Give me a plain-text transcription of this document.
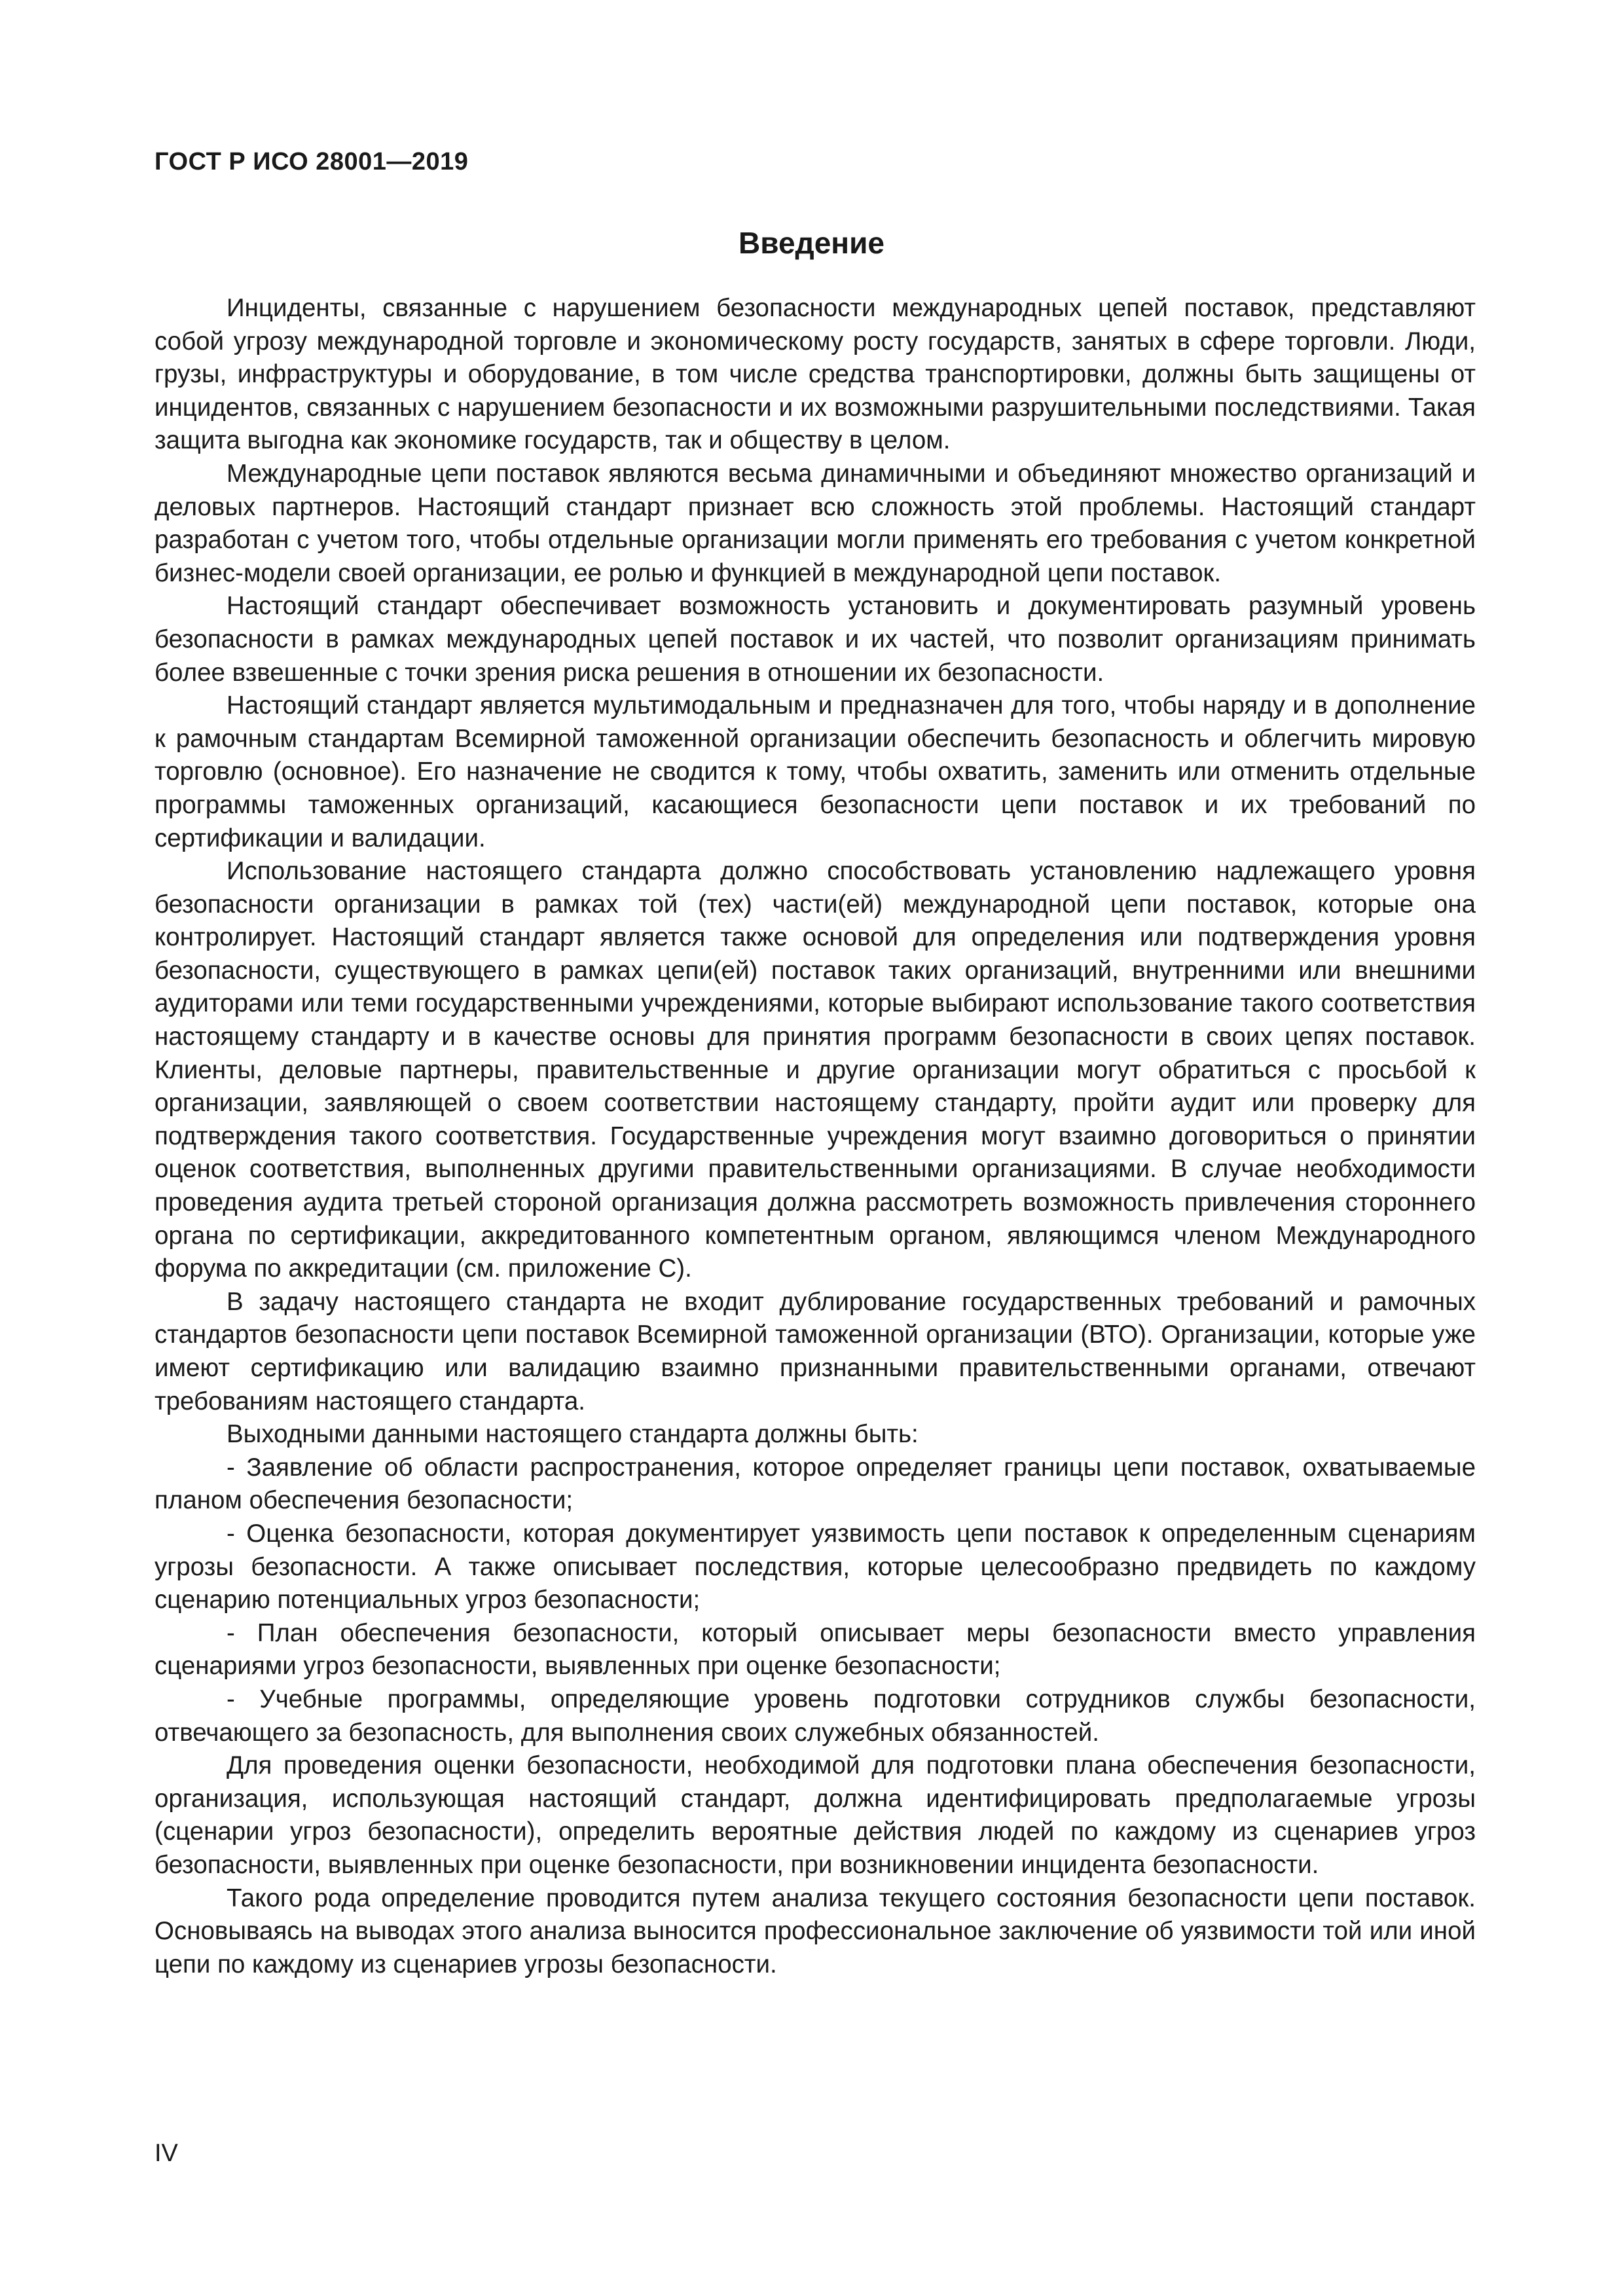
ГОСТ Р ИСО 28001—2019
Введение

Инциденты, связанные с нарушением безопасности международных цепей поставок, представляют собой угрозу международной торговле и экономическому росту государств, занятых в сфере торговли. Люди, грузы, инфраструктуры и оборудование, в том числе средства транспортировки, должны быть защищены от инцидентов, связанных с нарушением безопасности и их возможными разрушительными последствиями. Такая защита выгодна как экономике государств, так и обществу в целом.

Международные цепи поставок являются весьма динамичными и объединяют множество организаций и деловых партнеров. Настоящий стандарт признает всю сложность этой проблемы. Настоящий стандарт разработан с учетом того, чтобы отдельные организации могли применять его требования с учетом конкретной бизнес-модели своей организации, ее ролью и функцией в международной цепи поставок.

Настоящий стандарт обеспечивает возможность установить и документировать разумный уровень безопасности в рамках международных цепей поставок и их частей, что позволит организациям принимать более взвешенные с точки зрения риска решения в отношении их безопасности.

Настоящий стандарт является мультимодальным и предназначен для того, чтобы наряду и в дополнение к рамочным стандартам Всемирной таможенной организации обеспечить безопасность и облегчить мировую торговлю (основное). Его назначение не сводится к тому, чтобы охватить, заменить или отменить отдельные программы таможенных организаций, касающиеся безопасности цепи поставок и их требований по сертификации и валидации.

Использование настоящего стандарта должно способствовать установлению надлежащего уровня безопасности организации в рамках той (тех) части(ей) международной цепи поставок, которые она контролирует. Настоящий стандарт является также основой для определения или подтверждения уровня безопасности, существующего в рамках цепи(ей) поставок таких организаций, внутренними или внешними аудиторами или теми государственными учреждениями, которые выбирают использование такого соответствия настоящему стандарту и в качестве основы для принятия программ безопасности в своих цепях поставок. Клиенты, деловые партнеры, правительственные и другие организации могут обратиться с просьбой к организации, заявляющей о своем соответствии настоящему стандарту, пройти аудит или проверку для подтверждения такого соответствия. Государственные учреждения могут взаимно договориться о принятии оценок соответствия, выполненных другими правительственными организациями. В случае необходимости проведения аудита третьей стороной организация должна рассмотреть возможность привлечения стороннего органа по сертификации, аккредитованного компетентным органом, являющимся членом Международного форума по аккредитации (см. приложение С).

В задачу настоящего стандарта не входит дублирование государственных требований и рамочных стандартов безопасности цепи поставок Всемирной таможенной организации (ВТО). Организации, которые уже имеют сертификацию или валидацию взаимно признанными правительственными органами, отвечают требованиям настоящего стандарта.

Выходными данными настоящего стандарта должны быть:

- Заявление об области распространения, которое определяет границы цепи поставок, охватываемые планом обеспечения безопасности;

- Оценка безопасности, которая документирует уязвимость цепи поставок к определенным сценариям угрозы безопасности. А также описывает последствия, которые целесообразно предвидеть по каждому сценарию потенциальных угроз безопасности;

- План обеспечения безопасности, который описывает меры безопасности вместо управления сценариями угроз безопасности, выявленных при оценке безопасности;

- Учебные программы, определяющие уровень подготовки сотрудников службы безопасности, отвечающего за безопасность, для выполнения своих служебных обязанностей.

Для проведения оценки безопасности, необходимой для подготовки плана обеспечения безопасности, организация, использующая настоящий стандарт, должна идентифицировать предполагаемые угрозы (сценарии угроз безопасности), определить вероятные действия людей по каждому из сценариев угроз безопасности, выявленных при оценке безопасности, при возникновении инцидента безопасности.

Такого рода определение проводится путем анализа текущего состояния безопасности цепи поставок. Основываясь на выводах этого анализа выносится профессиональное заключение об уязвимости той или иной цепи по каждому из сценариев угрозы безопасности.

IV
